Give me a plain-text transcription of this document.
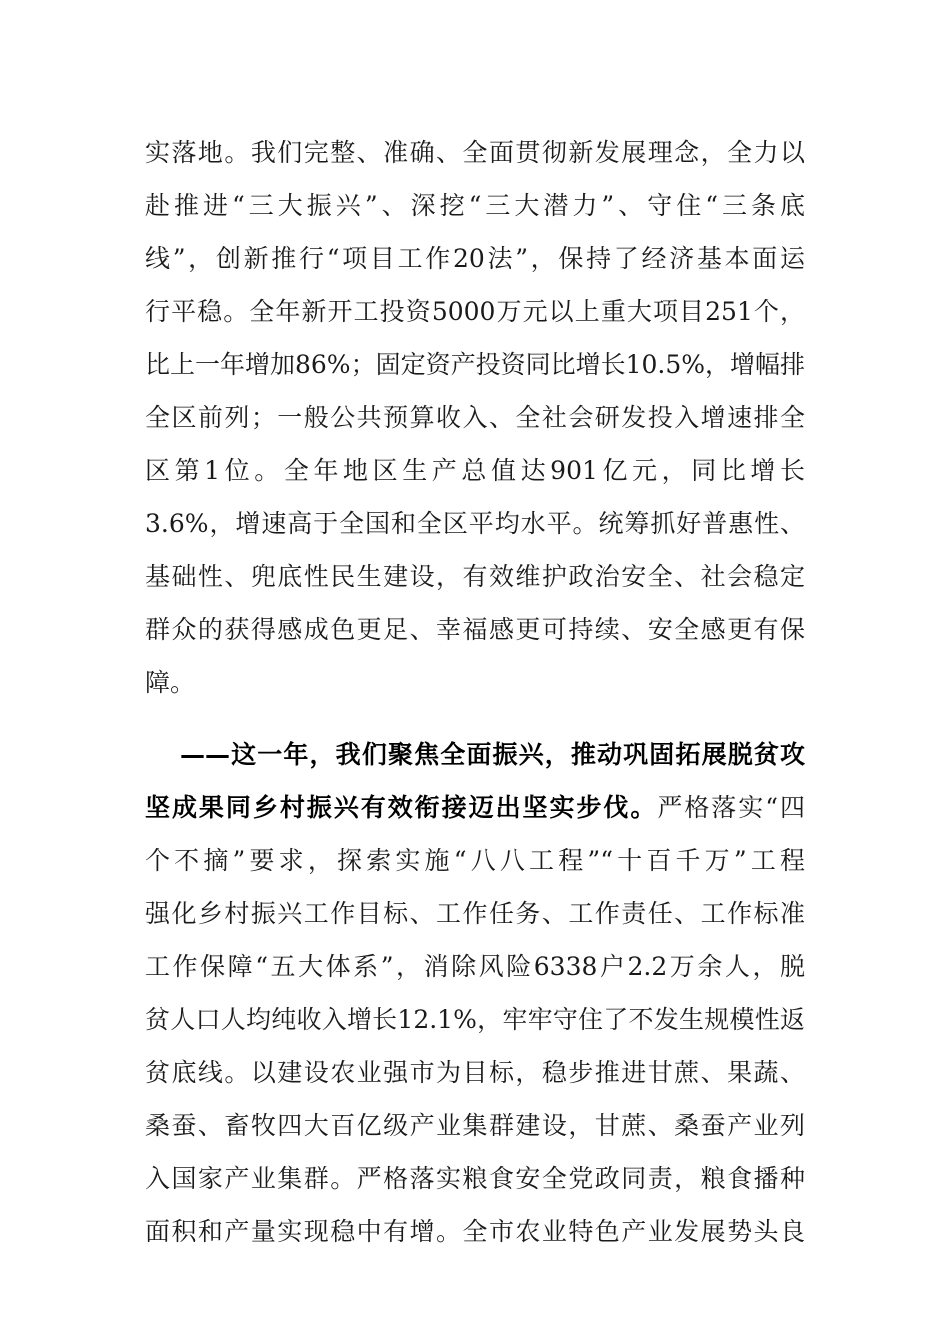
实落地。我们完整、准确、全面贯彻新发展理念，全力以
赴推进“三大振兴”、深挖“三大潜力”、守住“三条底
线”，创新推行“项目工作20法”，保持了经济基本面运
行平稳。全年新开工投资5000万元以上重大项目251个，
比上一年增加86%；固定资产投资同比增长10.5%，增幅排
全区前列；一般公共预算收入、全社会研发投入增速排全
区第1位。全年地区生产总值达901亿元，同比增长
3.6%，增速高于全国和全区平均水平。统筹抓好普惠性、
基础性、兜底性民生建设，有效维护政治安全、社会稳定
群众的获得感成色更足、幸福感更可持续、安全感更有保
障。
——这一年，我们聚焦全面振兴，推动巩固拓展脱贫攻
坚成果同乡村振兴有效衔接迈出坚实步伐。严格落实“四
个不摘”要求，探索实施“八八工程”“十百千万”工程
强化乡村振兴工作目标、工作任务、工作责任、工作标准
工作保障“五大体系”，消除风险6338户2.2万余人，脱
贫人口人均纯收入增长12.1%，牢牢守住了不发生规模性返
贫底线。以建设农业强市为目标，稳步推进甘蔗、果蔬、
桑蚕、畜牧四大百亿级产业集群建设，甘蔗、桑蚕产业列
入国家产业集群。严格落实粮食安全党政同责，粮食播种
面积和产量实现稳中有增。全市农业特色产业发展势头良
